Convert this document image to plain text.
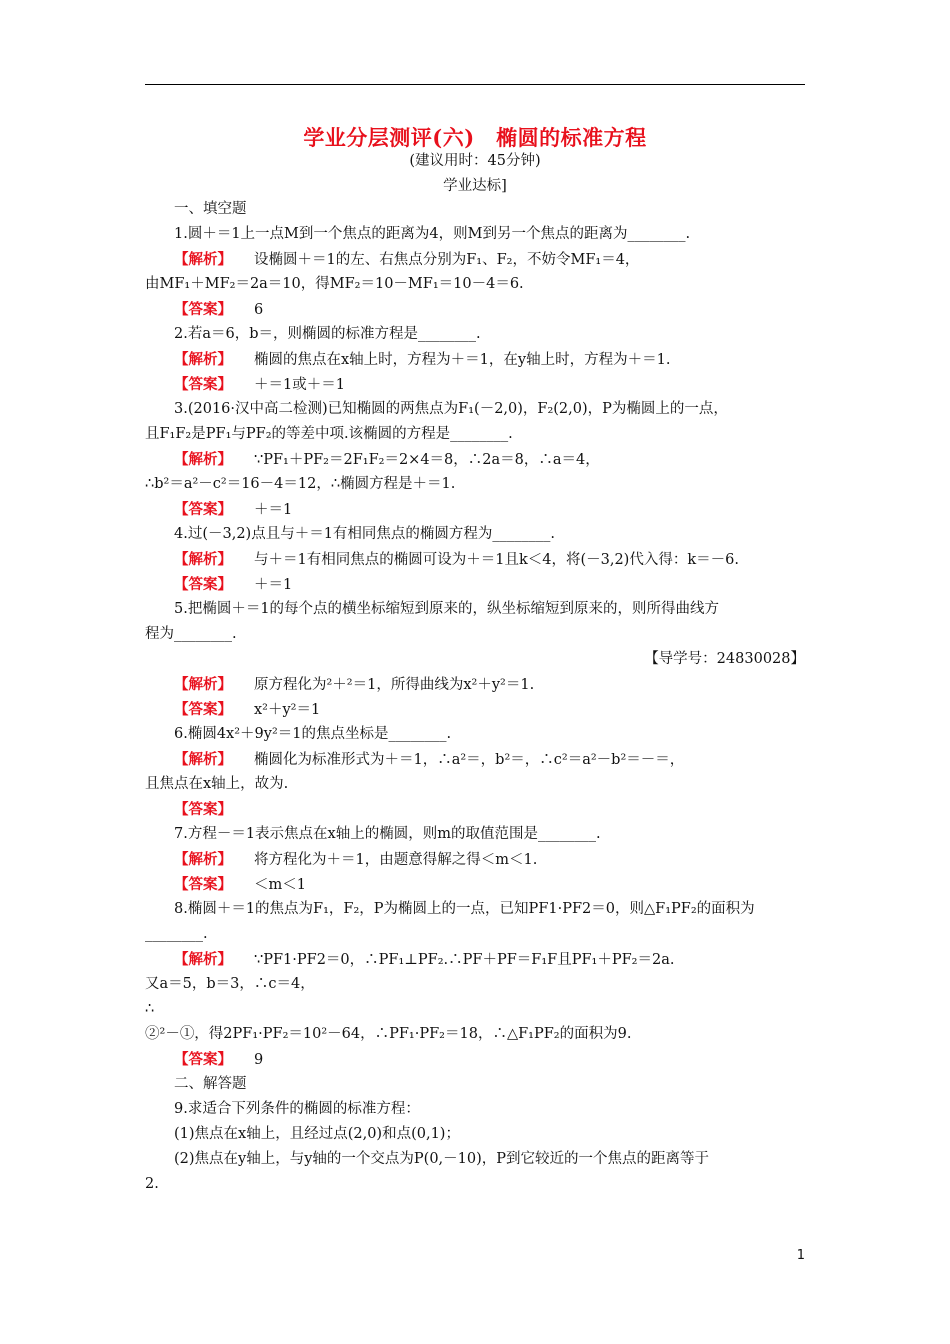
学业分层测评(六)　椭圆的标准方程
(建议用时：45分钟)
学业达标]
一、填空题
1.圆＋＝1上一点M到一个焦点的距离为4，则M到另一个焦点的距离为________.
【解析】 设椭圆＋＝1的左、右焦点分别为F₁、F₂，不妨令MF₁＝4，
由MF₁＋MF₂＝2a＝10，得MF₂＝10－MF₁＝10－4＝6.
【答案】 6
2.若a＝6，b＝，则椭圆的标准方程是________.
【解析】 椭圆的焦点在x轴上时，方程为＋＝1，在y轴上时，方程为＋＝1.
【答案】 ＋＝1或＋＝1
3.(2016·汉中高二检测)已知椭圆的两焦点为F₁(－2,0)，F₂(2,0)，P为椭圆上的一点，
且F₁F₂是PF₁与PF₂的等差中项.该椭圆的方程是________.
【解析】 ∵PF₁＋PF₂＝2F₁F₂＝2×4＝8，∴2a＝8，∴a＝4，
∴b²＝a²－c²＝16－4＝12，∴椭圆方程是＋＝1.
【答案】 ＋＝1
4.过(－3,2)点且与＋＝1有相同焦点的椭圆方程为________.
【解析】 与＋＝1有相同焦点的椭圆可设为＋＝1且k＜4，将(－3,2)代入得：k＝－6.
【答案】 ＋＝1
5.把椭圆＋＝1的每个点的横坐标缩短到原来的，纵坐标缩短到原来的，则所得曲线方
程为________.
【导学号：24830028】
【解析】 原方程化为²＋²＝1，所得曲线为x²＋y²＝1.
【答案】 x²＋y²＝1
6.椭圆4x²＋9y²＝1的焦点坐标是________.
【解析】 椭圆化为标准形式为＋＝1，∴a²＝，b²＝，∴c²＝a²－b²＝－＝，
且焦点在x轴上，故为.
【答案】
7.方程－＝1表示焦点在x轴上的椭圆，则m的取值范围是________.
【解析】 将方程化为＋＝1，由题意得解之得＜m＜1.
【答案】 ＜m＜1
8.椭圆＋＝1的焦点为F₁，F₂，P为椭圆上的一点，已知PF1·PF2＝0，则△F₁PF₂的面积为
________.
【解析】 ∵PF1·PF2＝0，∴PF₁⊥PF₂.∴PF＋PF＝F₁F且PF₁＋PF₂＝2a.
又a＝5，b＝3，∴c＝4，
∴
②²－①，得2PF₁·PF₂＝10²－64，∴PF₁·PF₂＝18，∴△F₁PF₂的面积为9.
【答案】 9
二、解答题
9.求适合下列条件的椭圆的标准方程：
(1)焦点在x轴上，且经过点(2,0)和点(0,1)；
(2)焦点在y轴上，与y轴的一个交点为P(0,－10)，P到它较近的一个焦点的距离等于
2.
1
